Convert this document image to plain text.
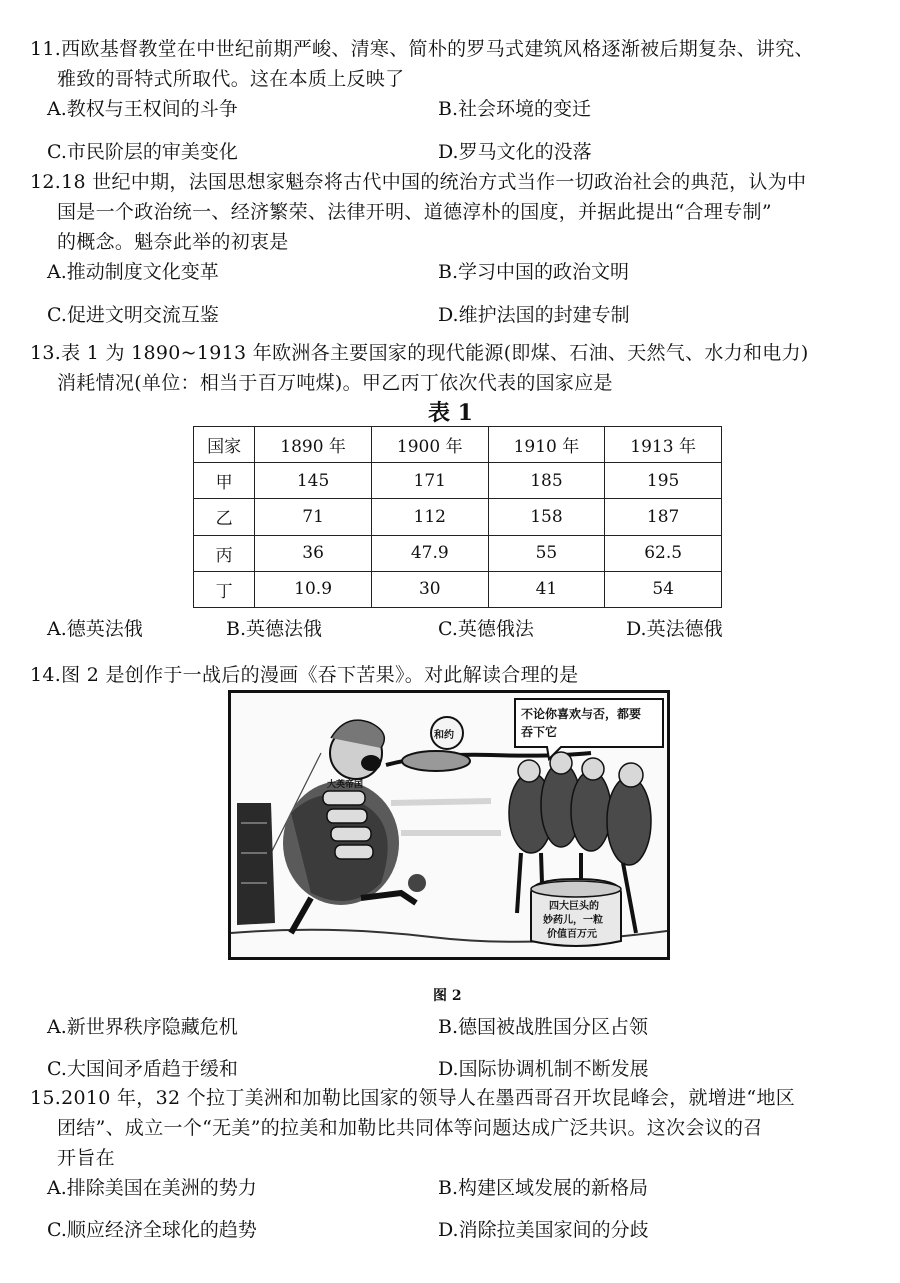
11.西欧基督教堂在中世纪前期严峻、清寒、简朴的罗马式建筑风格逐渐被后期复杂、讲究、
雅致的哥特式所取代。这在本质上反映了
A.教权与王权间的斗争	B.社会环境的变迁
C.市民阶层的审美变化	D.罗马文化的没落
12.18 世纪中期，法国思想家魁奈将古代中国的统治方式当作一切政治社会的典范，认为中
国是一个政治统一、经济繁荣、法律开明、道德淳朴的国度，并据此提出“合理专制”
的概念。魁奈此举的初衷是
A.推动制度文化变革	B.学习中国的政治文明
C.促进文明交流互鉴	D.维护法国的封建专制
13.表 1 为 1890~1913 年欧洲各主要国家的现代能源(即煤、石油、天然气、水力和电力)
消耗情况(单位：相当于百万吨煤)。甲乙丙丁依次代表的国家应是
表 1
国家	1890 年	1900 年	1910 年	1913 年
甲	145	171	185	195
乙	71	112	158	187
丙	36	47.9	55	62.5
丁	10.9	30	41	54
A.德英法俄	B.英德法俄	C.英德俄法	D.英法德俄
14.图 2 是创作于一战后的漫画《吞下苦果》。对此解读合理的是
不论你喜欢与否，都要
吞下它
和约
大英帝国
四大巨头的
妙药儿，一粒
价值百万元
图 2
A.新世界秩序隐藏危机	B.德国被战胜国分区占领
C.大国间矛盾趋于缓和	D.国际协调机制不断发展
15.2010 年，32 个拉丁美洲和加勒比国家的领导人在墨西哥召开坎昆峰会，就增进“地区
团结”、成立一个“无美”的拉美和加勒比共同体等问题达成广泛共识。这次会议的召
开旨在
A.排除美国在美洲的势力	B.构建区域发展的新格局
C.顺应经济全球化的趋势	D.消除拉美国家间的分歧
